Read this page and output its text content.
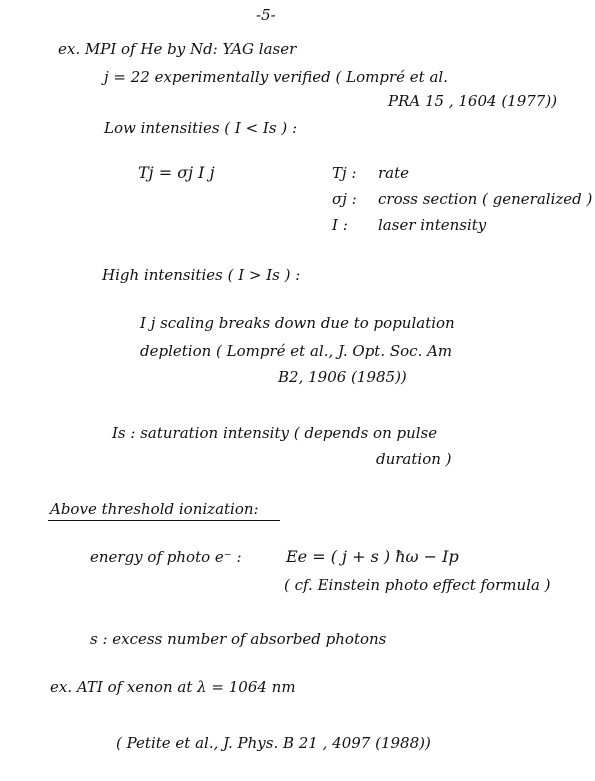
-5-
ex. MPI of He by Nd: YAG laser
j = 22 experimentally verified ( Lompré et al.
PRA 15 , 1604 (1977))
Low intensities ( I < Is ) :
Tj = σj I j	Tj : rate
σj : cross section ( generalized )
I : laser intensity
High intensities ( I > Is ) :
I j scaling breaks down due to population
depletion ( Lompré et al., J. Opt. Soc. Am
B2, 1906 (1985))
Is : saturation intensity ( depends on pulse
duration )
Above threshold ionization:
energy of photo e⁻ :	Ee = ( j + s ) ħω − Ip
( cf. Einstein photo effect formula )
s : excess number of absorbed photons
ex. ATI of xenon at λ = 1064 nm
( Petite et al., J. Phys. B 21 , 4097 (1988))
